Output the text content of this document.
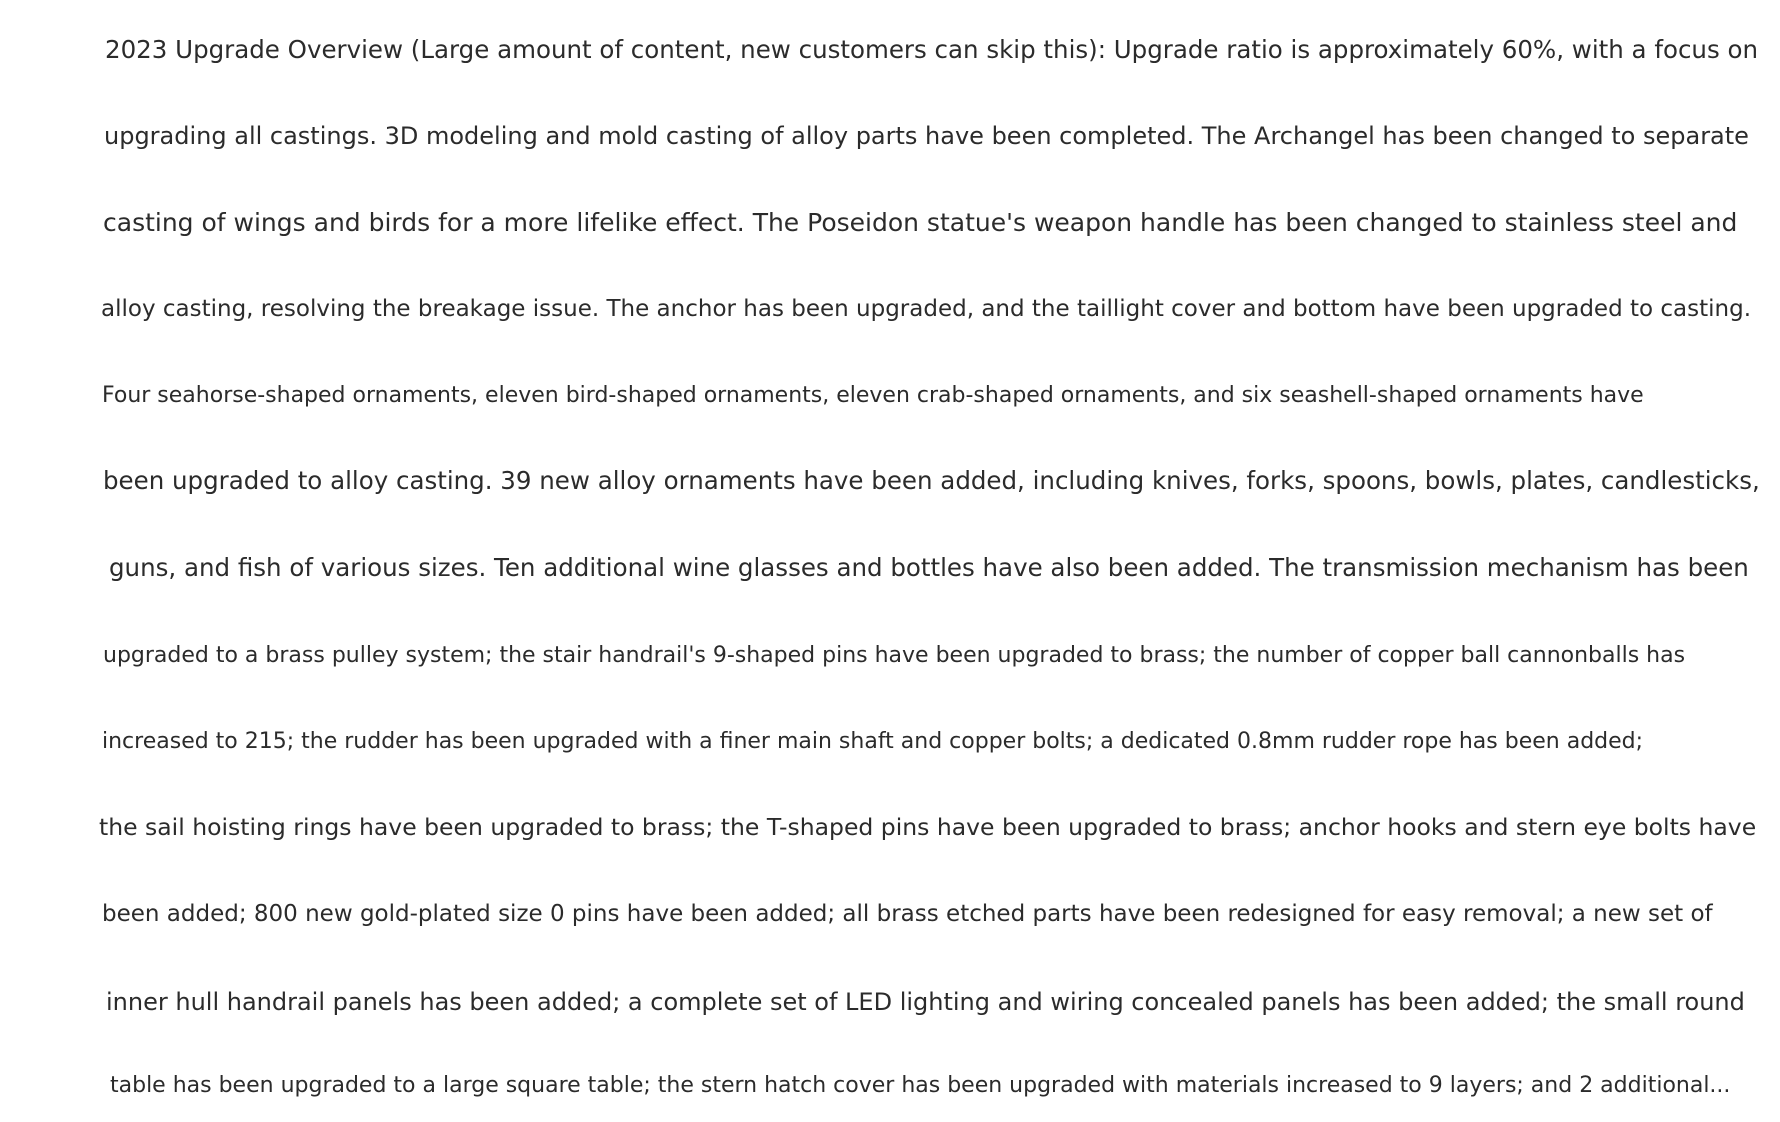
2023 Upgrade Overview (Large amount of content, new customers can skip this): Upgrade ratio is approximately 60%, with a focus on
upgrading all castings. 3D modeling and mold casting of alloy parts have been completed. The Archangel has been changed to separate
casting of wings and birds for a more lifelike effect. The Poseidon statue's weapon handle has been changed to stainless steel and
alloy casting, resolving the breakage issue. The anchor has been upgraded, and the taillight cover and bottom have been upgraded to casting.
Four seahorse-shaped ornaments, eleven bird-shaped ornaments, eleven crab-shaped ornaments, and six seashell-shaped ornaments have
been upgraded to alloy casting. 39 new alloy ornaments have been added, including knives, forks, spoons, bowls, plates, candlesticks,
guns, and fish of various sizes. Ten additional wine glasses and bottles have also been added. The transmission mechanism has been
upgraded to a brass pulley system; the stair handrail's 9-shaped pins have been upgraded to brass; the number of copper ball cannonballs has
increased to 215; the rudder has been upgraded with a finer main shaft and copper bolts; a dedicated 0.8mm rudder rope has been added;
the sail hoisting rings have been upgraded to brass; the T-shaped pins have been upgraded to brass; anchor hooks and stern eye bolts have
been added; 800 new gold-plated size 0 pins have been added; all brass etched parts have been redesigned for easy removal; a new set of
inner hull handrail panels has been added; a complete set of LED lighting and wiring concealed panels has been added; the small round
table has been upgraded to a large square table; the stern hatch cover has been upgraded with materials increased to 9 layers; and 2 additional...
